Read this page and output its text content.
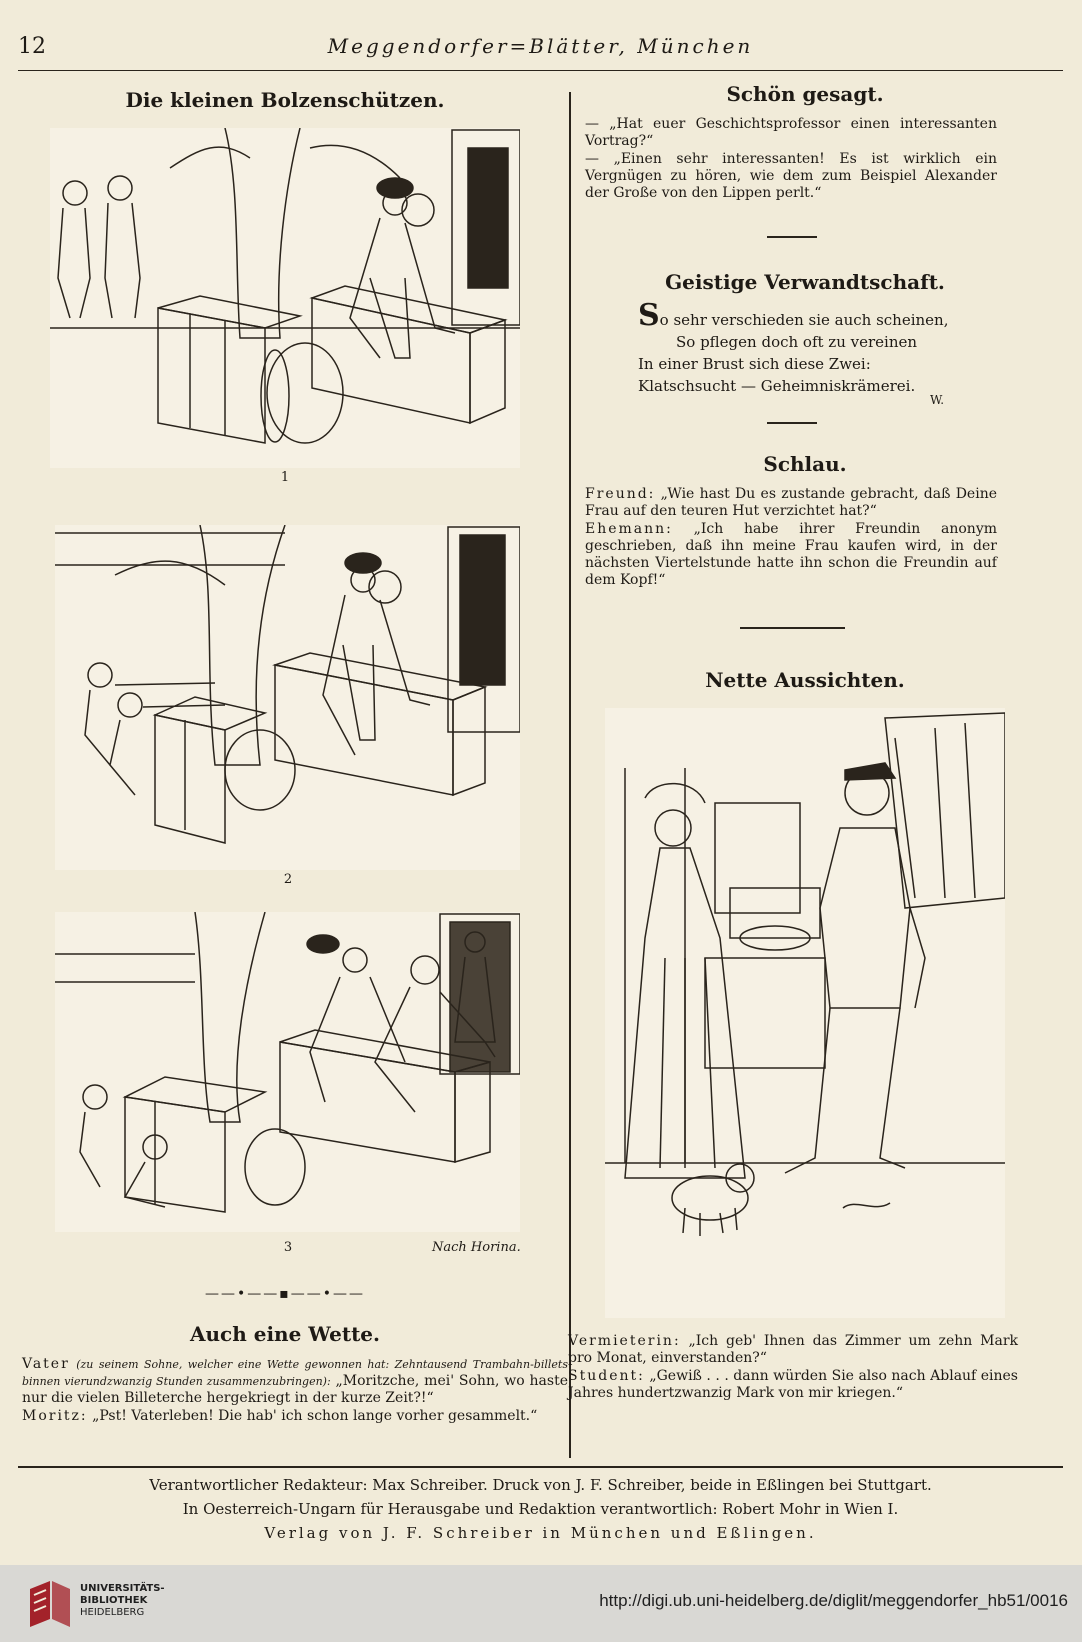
12	Meggendorfer=Blätter, München
Die kleinen Bolzenschützen.
1
2
3	Nach Horina.
——•——▪——•——
Auch eine Wette.

Vater (zu seinem Sohne, welcher eine Wette gewonnen hat: Zehntausend Trambahn-billets binnen vierundzwanzig Stunden zusammenzubringen): „Moritzche, mei' Sohn, wo haste nur die vielen Billeterche hergekriegt in der kurze Zeit?!“

Moritz: „Pst! Vaterleben! Die hab' ich schon lange vorher gesammelt.“

Schön gesagt.

— „Hat euer Geschichtsprofessor einen interessanten Vortrag?“

— „Einen sehr interessanten! Es ist wirklich ein Vergnügen zu hören, wie dem zum Beispiel Alexander der Große von den Lippen perlt.“

Geistige Verwandtschaft.
So sehr verschieden sie auch scheinen,
So pflegen doch oft zu vereinen
In einer Brust sich diese Zwei:
Klatschsucht — Geheimniskrämerei.
W.
Schlau.

Freund: „Wie hast Du es zustande gebracht, daß Deine Frau auf den teuren Hut verzichtet hat?“

Ehemann: „Ich habe ihrer Freundin anonym geschrieben, daß ihn meine Frau kaufen wird, in der nächsten Viertelstunde hatte ihn schon die Freundin auf dem Kopf!“

Nette Aussichten.

Vermieterin: „Ich geb' Ihnen das Zimmer um zehn Mark pro Monat, einverstanden?“

Student: „Gewiß . . . dann würden Sie also nach Ablauf eines Jahres hundertzwanzig Mark von mir kriegen.“

Verantwortlicher Redakteur: Max Schreiber. Druck von J. F. Schreiber, beide in Eßlingen bei Stuttgart.
In Oesterreich-Ungarn für Herausgabe und Redaktion verantwortlich: Robert Mohr in Wien I.
Verlag von J. F. Schreiber in München und Eßlingen.
UNIVERSITÄTS-
BIBLIOTHEK
HEIDELBERG
http://digi.ub.uni-heidelberg.de/diglit/meggendorfer_hb51/0016
